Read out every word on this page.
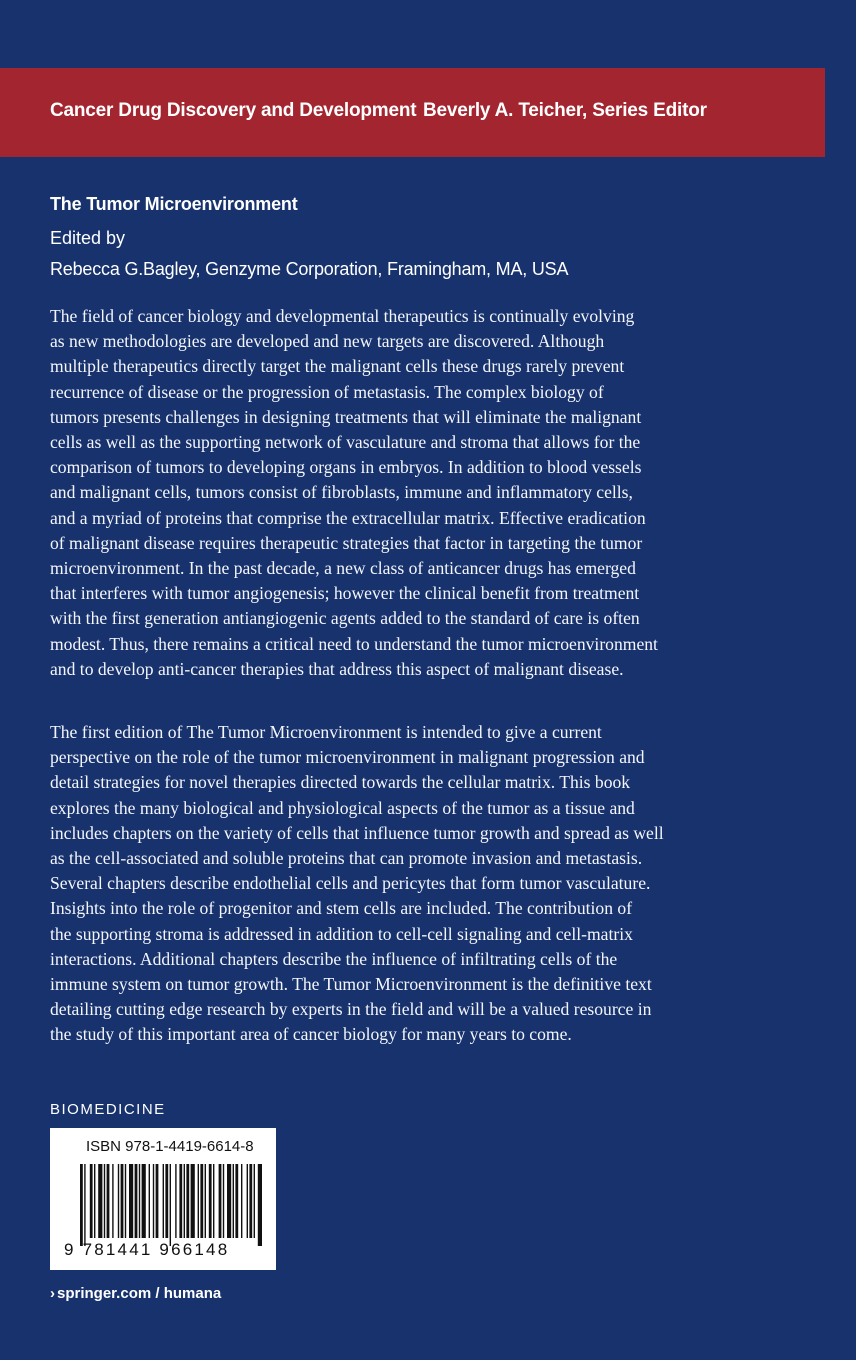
Cancer Drug Discovery and Development Beverly A. Teicher, Series Editor
The Tumor Microenvironment
Edited by
Rebecca G.Bagley, Genzyme Corporation, Framingham, MA, USA
The field of cancer biology and developmental therapeutics is continually evolving
as new methodologies are developed and new targets are discovered. Although
multiple therapeutics directly target the malignant cells these drugs rarely prevent
recurrence of disease or the progression of metastasis. The complex biology of
tumors presents challenges in designing treatments that will eliminate the malignant
cells as well as the supporting network of vasculature and stroma that allows for the
comparison of tumors to developing organs in embryos. In addition to blood vessels
and malignant cells, tumors consist of fibroblasts, immune and inflammatory cells,
and a myriad of proteins that comprise the extracellular matrix. Effective eradication
of malignant disease requires therapeutic strategies that factor in targeting the tumor
microenvironment. In the past decade, a new class of anticancer drugs has emerged
that interferes with tumor angiogenesis; however the clinical benefit from treatment
with the first generation antiangiogenic agents added to the standard of care is often
modest. Thus, there remains a critical need to understand the tumor microenvironment
and to develop anti-cancer therapies that address this aspect of malignant disease.
The first edition of The Tumor Microenvironment is intended to give a current
perspective on the role of the tumor microenvironment in malignant progression and
detail strategies for novel therapies directed towards the cellular matrix. This book
explores the many biological and physiological aspects of the tumor as a tissue and
includes chapters on the variety of cells that influence tumor growth and spread as well
as the cell-associated and soluble proteins that can promote invasion and metastasis.
Several chapters describe endothelial cells and pericytes that form tumor vasculature.
Insights into the role of progenitor and stem cells are included. The contribution of
the supporting stroma is addressed in addition to cell-cell signaling and cell-matrix
interactions. Additional chapters describe the influence of infiltrating cells of the
immune system on tumor growth. The Tumor Microenvironment is the definitive text
detailing cutting edge research by experts in the field and will be a valued resource in
the study of this important area of cancer biology for many years to come.
BIOMEDICINE
ISBN 978-1-4419-6614-8
9 781441 966148
› springer.com / humana
